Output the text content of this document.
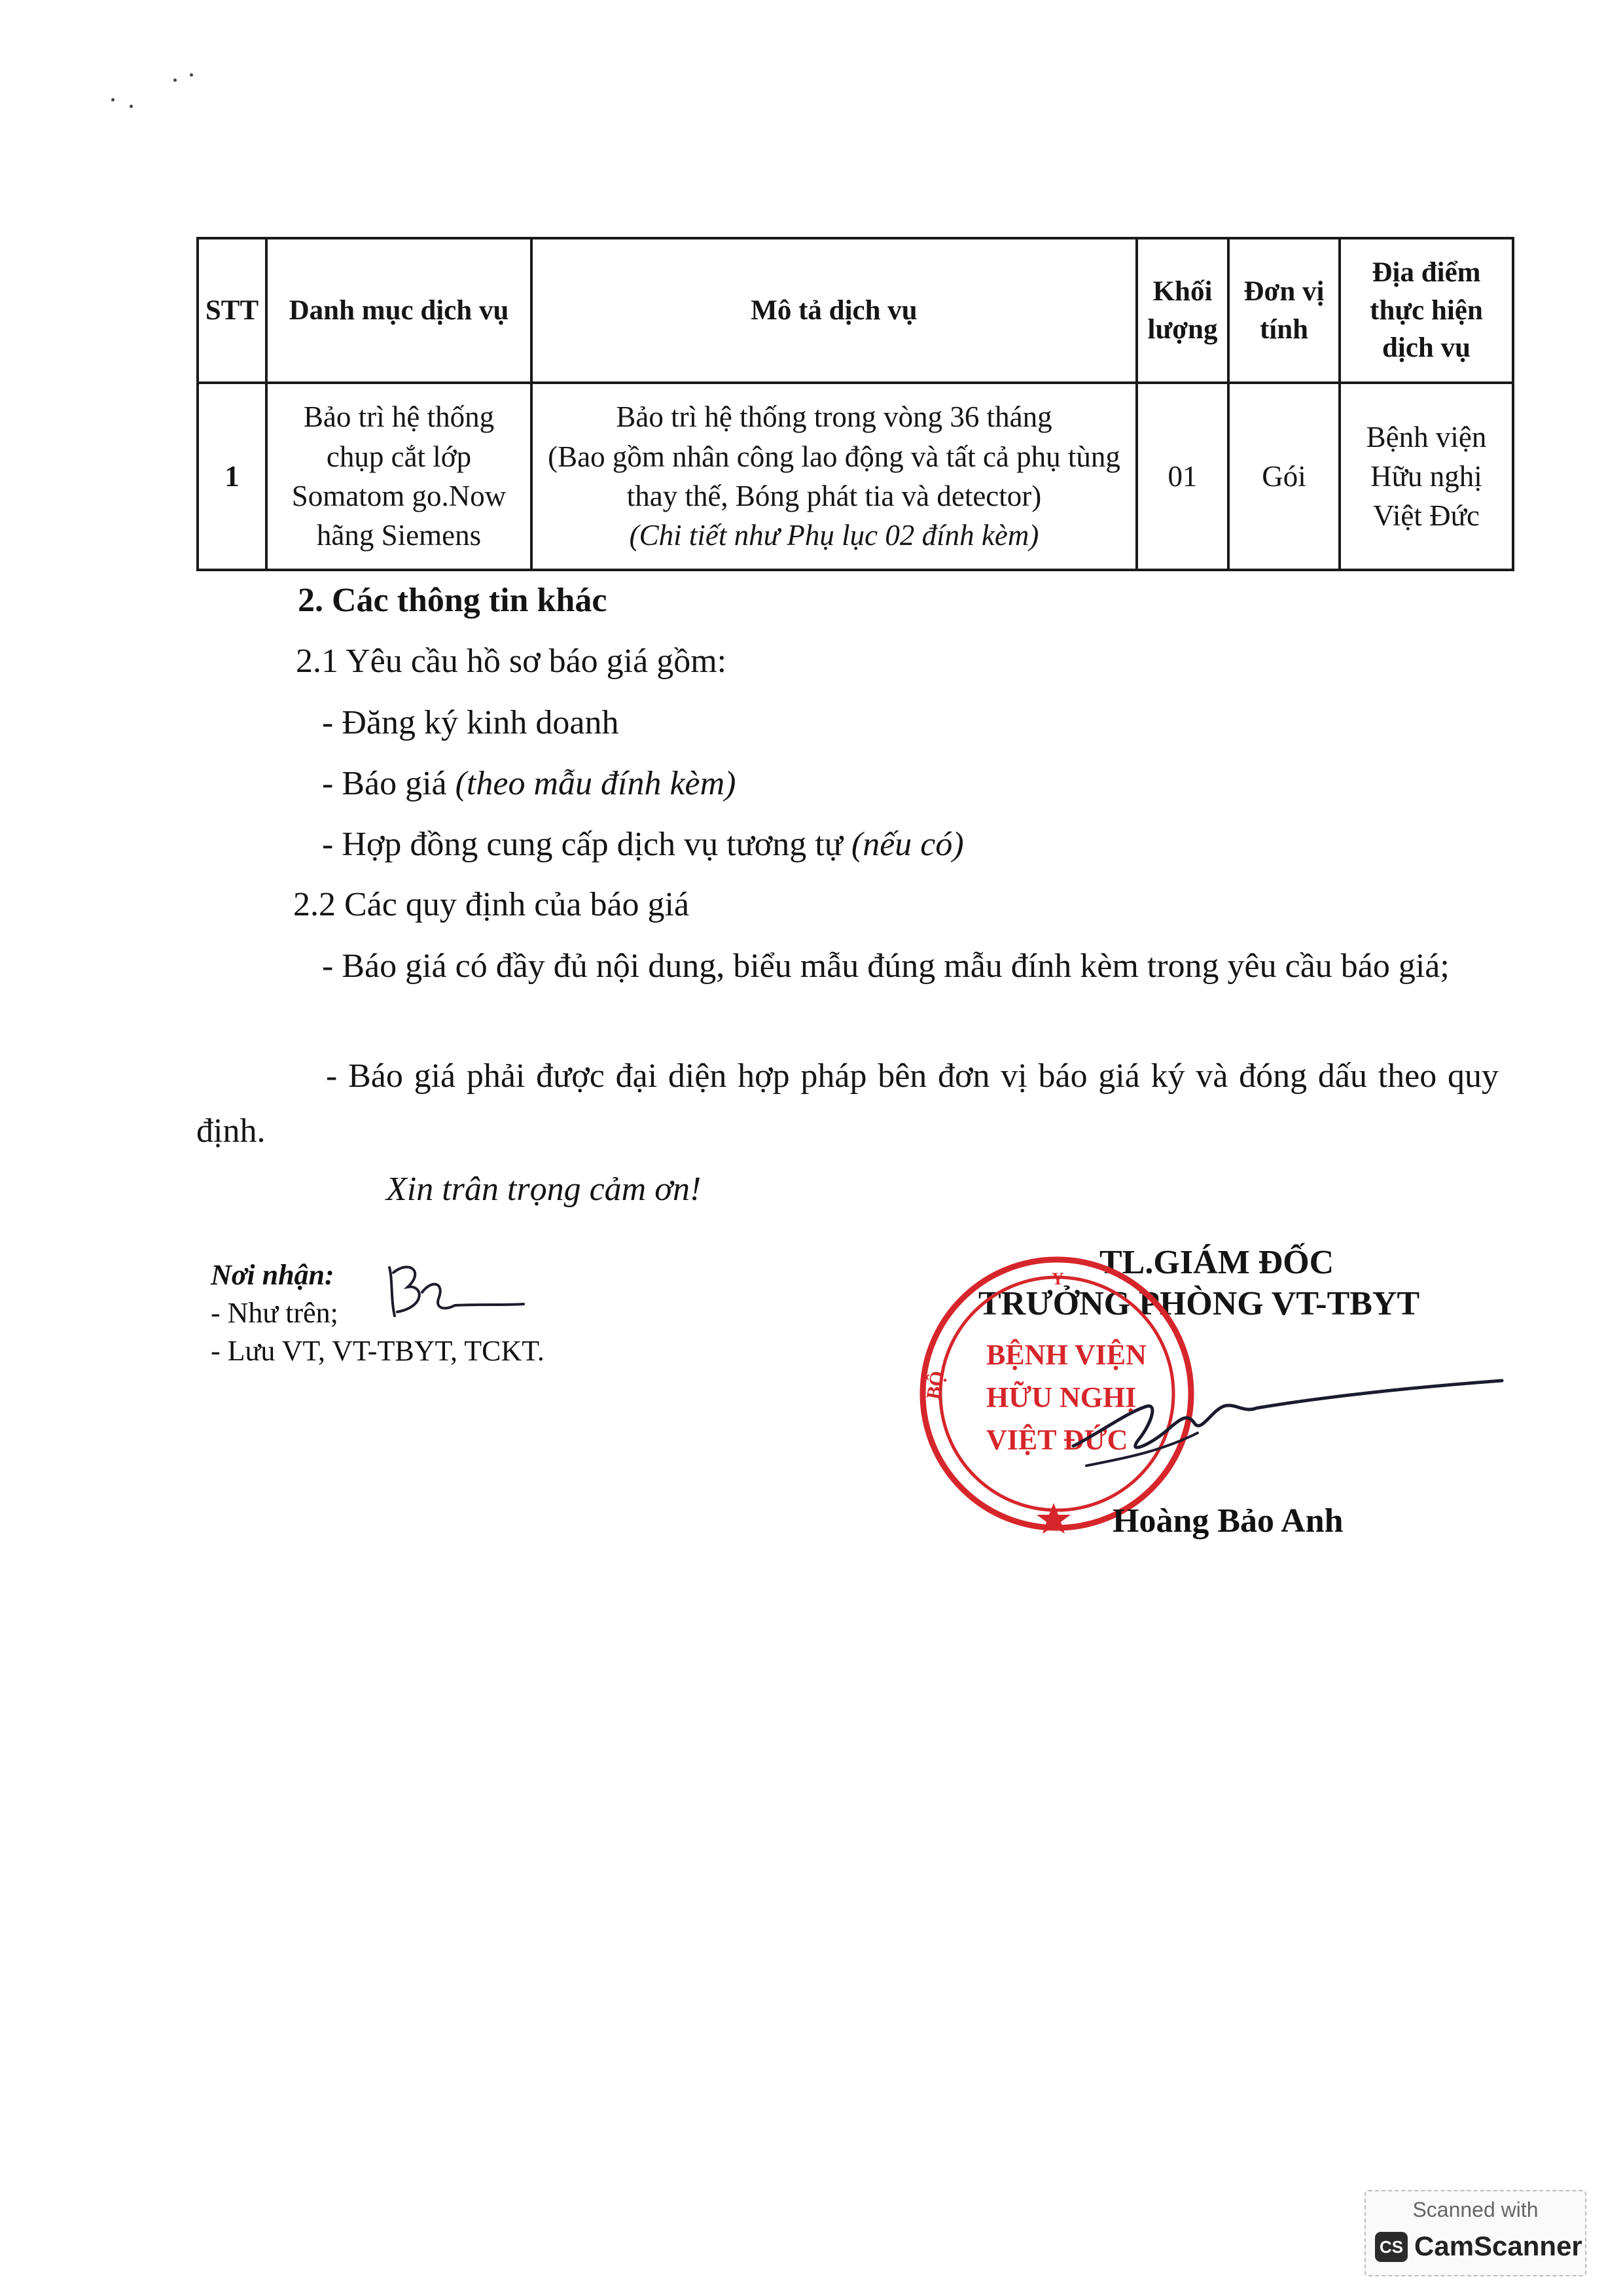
STT	Danh mục dịch vụ	Mô tả dịch vụ	Khối lượng	Đơn vị tính	Địa điểm thực hiện dịch vụ
1	Bảo trì hệ thống chụp cắt lớp Somatom go.Now hãng Siemens	Bảo trì hệ thống trong vòng 36 tháng
(Bao gồm nhân công lao động và tất cả phụ tùng thay thế, Bóng phát tia và detector)
(Chi tiết như Phụ lục 02 đính kèm)	01	Gói	Bệnh viện Hữu nghị Việt Đức
2. Các thông tin khác
2.1 Yêu cầu hồ sơ báo giá gồm:
- Đăng ký kinh doanh
- Báo giá (theo mẫu đính kèm)
- Hợp đồng cung cấp dịch vụ tương tự (nếu có)
2.2 Các quy định của báo giá
- Báo giá có đầy đủ nội dung, biểu mẫu đúng mẫu đính kèm trong yêu cầu báo giá;
- Báo giá phải được đại diện hợp pháp bên đơn vị báo giá ký và đóng dấu theo quy định.
Xin trân trọng cảm ơn!
Nơi nhận:
- Như trên;
- Lưu VT, VT-TBYT, TCKT.
TL.GIÁM ĐỐC
TRƯỞNG PHÒNG VT-TBYT
BỘ
Y
BỆNH VIỆN
HỮU NGHỊ
VIỆT ĐỨC
Hoàng Bảo Anh
Scanned with
CS CamScanner
